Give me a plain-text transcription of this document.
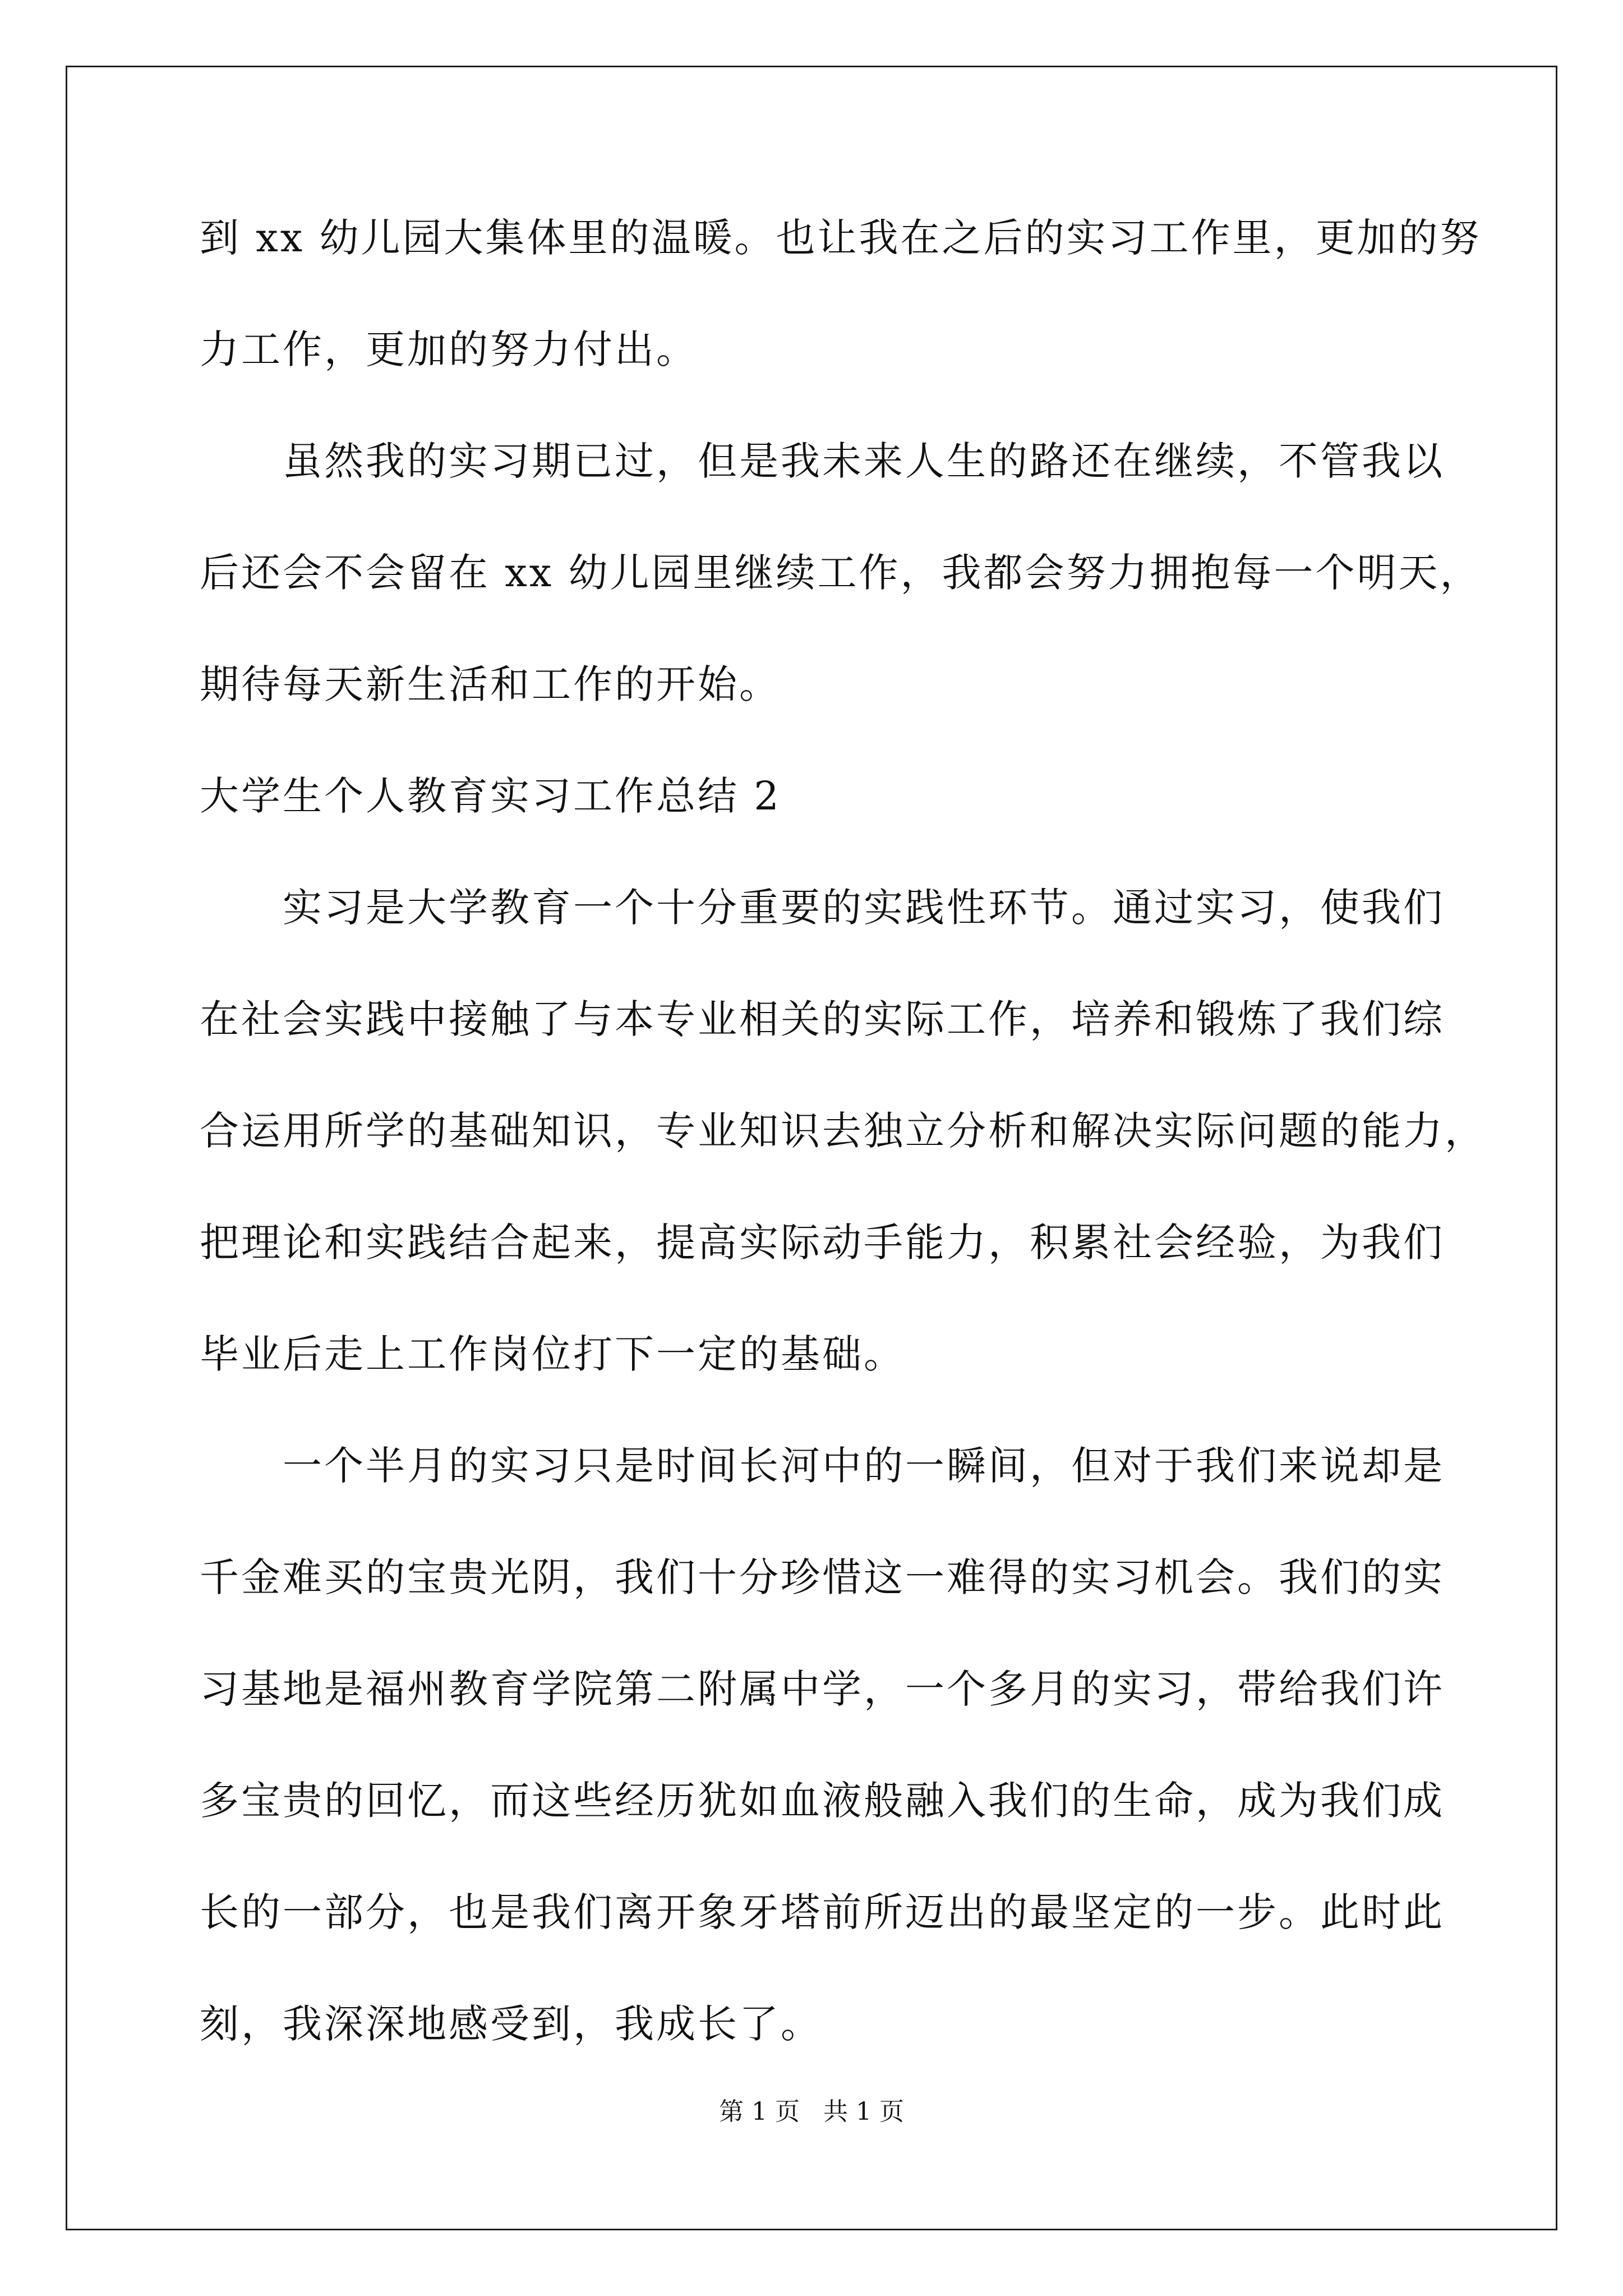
到 xx 幼儿园大集体里的温暖。也让我在之后的实习工作里，更加的努
力工作，更加的努力付出。
虽然我的实习期已过，但是我未来人生的路还在继续，不管我以
后还会不会留在 xx 幼儿园里继续工作，我都会努力拥抱每一个明天，
期待每天新生活和工作的开始。
大学生个人教育实习工作总结 2
实习是大学教育一个十分重要的实践性环节。通过实习，使我们
在社会实践中接触了与本专业相关的实际工作，培养和锻炼了我们综
合运用所学的基础知识，专业知识去独立分析和解决实际问题的能力，
把理论和实践结合起来，提高实际动手能力，积累社会经验，为我们
毕业后走上工作岗位打下一定的基础。
一个半月的实习只是时间长河中的一瞬间，但对于我们来说却是
千金难买的宝贵光阴，我们十分珍惜这一难得的实习机会。我们的实
习基地是福州教育学院第二附属中学，一个多月的实习，带给我们许
多宝贵的回忆，而这些经历犹如血液般融入我们的生命，成为我们成
长的一部分，也是我们离开象牙塔前所迈出的最坚定的一步。此时此
刻，我深深地感受到，我成长了。
第 1 页   共 1 页
